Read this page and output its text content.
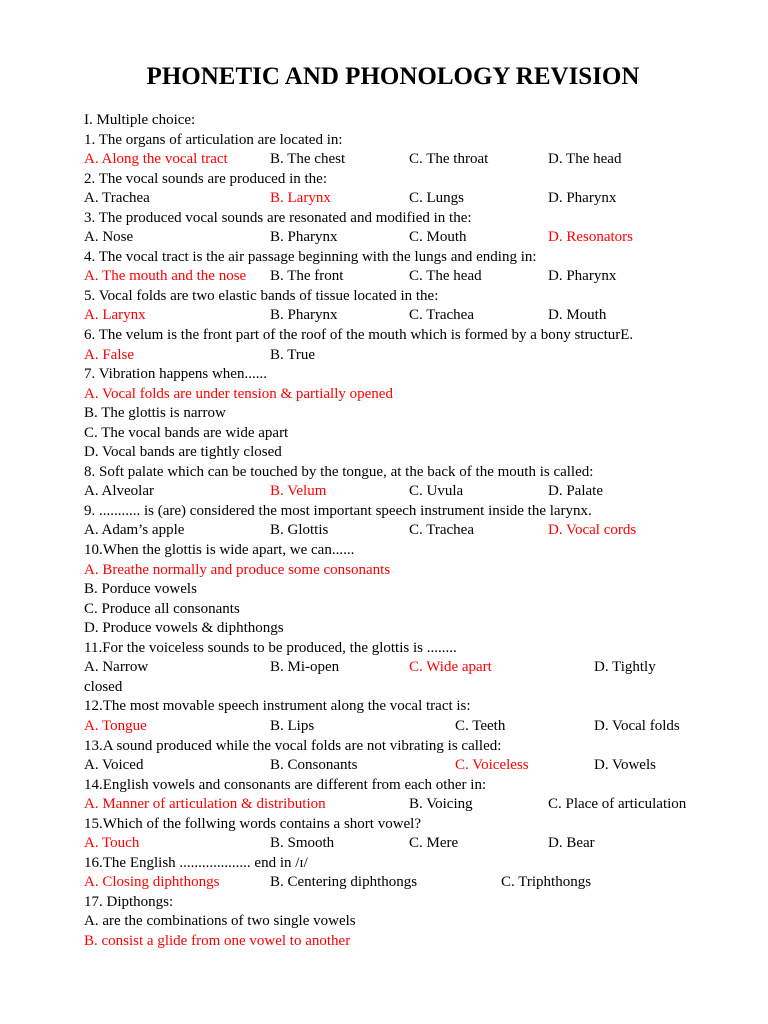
PHONETIC AND PHONOLOGY REVISION
I. Multiple choice:
1. The organs of articulation are located in:
A. Along the vocal tract	B. The chest	C. The throat	D. The head
2. The vocal sounds are produced in the:
A. Trachea	B. Larynx	C. Lungs	D. Pharynx
3. The produced vocal sounds are resonated and modified in the:
A. Nose	B. Pharynx	C. Mouth	D. Resonators
4. The vocal tract is the air passage beginning with the lungs and ending in:
A. The mouth and the nose B. The front	C. The head	D. Pharynx
5. Vocal folds are two elastic bands of tissue located in the:
A. Larynx	B. Pharynx	C. Trachea	D. Mouth
6. The velum is the front part of the roof of the mouth which is formed by a bony structurE.
A. False	B. True
7. Vibration happens when......
A. Vocal folds are under tension & partially opened
B. The glottis is narrow
C. The vocal bands are wide apart
D. Vocal bands are tightly closed
8. Soft palate which can be touched by the tongue, at the back of the mouth is called:
A. Alveolar	B. Velum	C. Uvula	D. Palate
9. ........... is (are) considered the most important speech instrument inside the larynx.
A. Adam’s apple	B. Glottis	C. Trachea	D. Vocal cords
10.When the glottis is wide apart, we can......
A. Breathe normally and produce some consonants
B. Porduce vowels
C. Produce all consonants
D. Produce vowels & diphthongs
11.For the voiceless sounds to be produced, the glottis is ........
A. Narrow	B. Mi-open	C. Wide apart	D. Tightly
closed
12.The most movable speech instrument along the vocal tract is:
A. Tongue	B. Lips	C. Teeth	D. Vocal folds
13.A sound produced while the vocal folds are not vibrating is called:
A. Voiced	B. Consonants	C. Voiceless	D. Vowels
14.English vowels and consonants are different from each other in:
A. Manner of articulation & distribution	B. Voicing	C. Place of articulation
15.Which of the follwing words contains a short vowel?
A. Touch	B. Smooth	C. Mere	D. Bear
16.The English ................... end in /ɪ/
A. Closing diphthongs	B. Centering diphthongs	C. Triphthongs
17. Dipthongs:
A. are the combinations of two single vowels
B. consist a glide from one vowel to another
